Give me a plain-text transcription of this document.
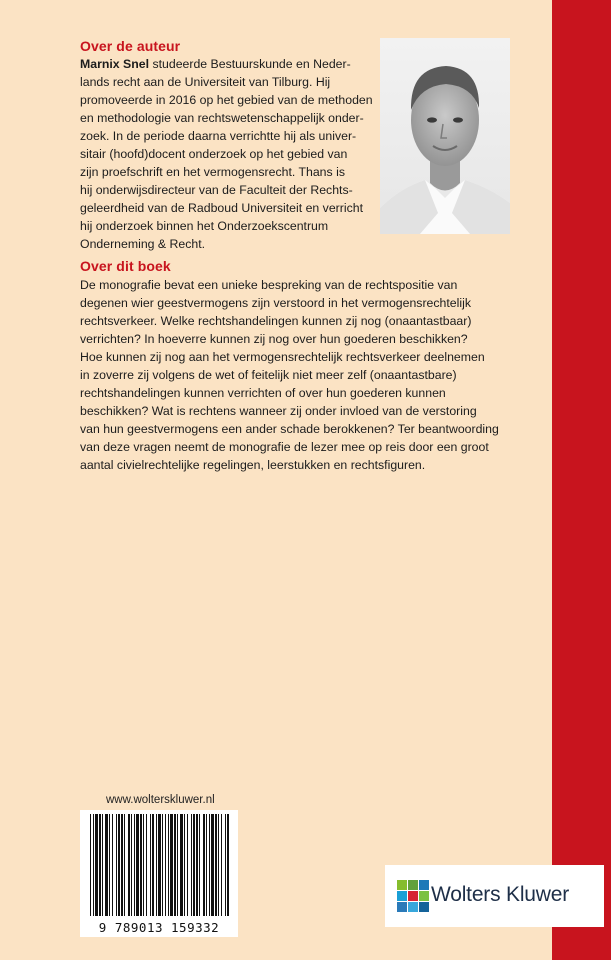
Over de auteur

Marnix Snel studeerde Bestuurskunde en Neder-
lands recht aan de Universiteit van Tilburg. Hij
promoveerde in 2016 op het gebied van de methoden
en methodologie van rechtswetenschappelijk onder-
zoek. In de periode daarna verrichtte hij als univer-
sitair (hoofd)docent onderzoek op het gebied van
zijn proefschrift en het vermogensrecht. Thans is
hij onderwijsdirecteur van de Faculteit der Rechts-
geleerdheid van de Radboud Universiteit en verricht
hij onderzoek binnen het Onderzoekscentrum
Onderneming & Recht.

Over dit boek

De monografie bevat een unieke bespreking van de rechtspositie van
degenen wier geestvermogens zijn verstoord in het vermogensrechtelijk
rechtsverkeer. Welke rechtshandelingen kunnen zij nog (onaantastbaar)
verrichten? In hoeverre kunnen zij nog over hun goederen beschikken?
Hoe kunnen zij nog aan het vermogensrechtelijk rechtsverkeer deelnemen
in zoverre zij volgens de wet of feitelijk niet meer zelf (onaantastbare)
rechtshandelingen kunnen verrichten of over hun goederen kunnen
beschikken? Wat is rechtens wanneer zij onder invloed van de verstoring
van hun geestvermogens een ander schade berokkenen? Ter beantwoording
van deze vragen neemt de monografie de lezer mee op reis door een groot
aantal civielrechtelijke regelingen, leerstukken en rechtsfiguren.

www.wolterskluwer.nl
9 789013 159332
Wolters Kluwer
